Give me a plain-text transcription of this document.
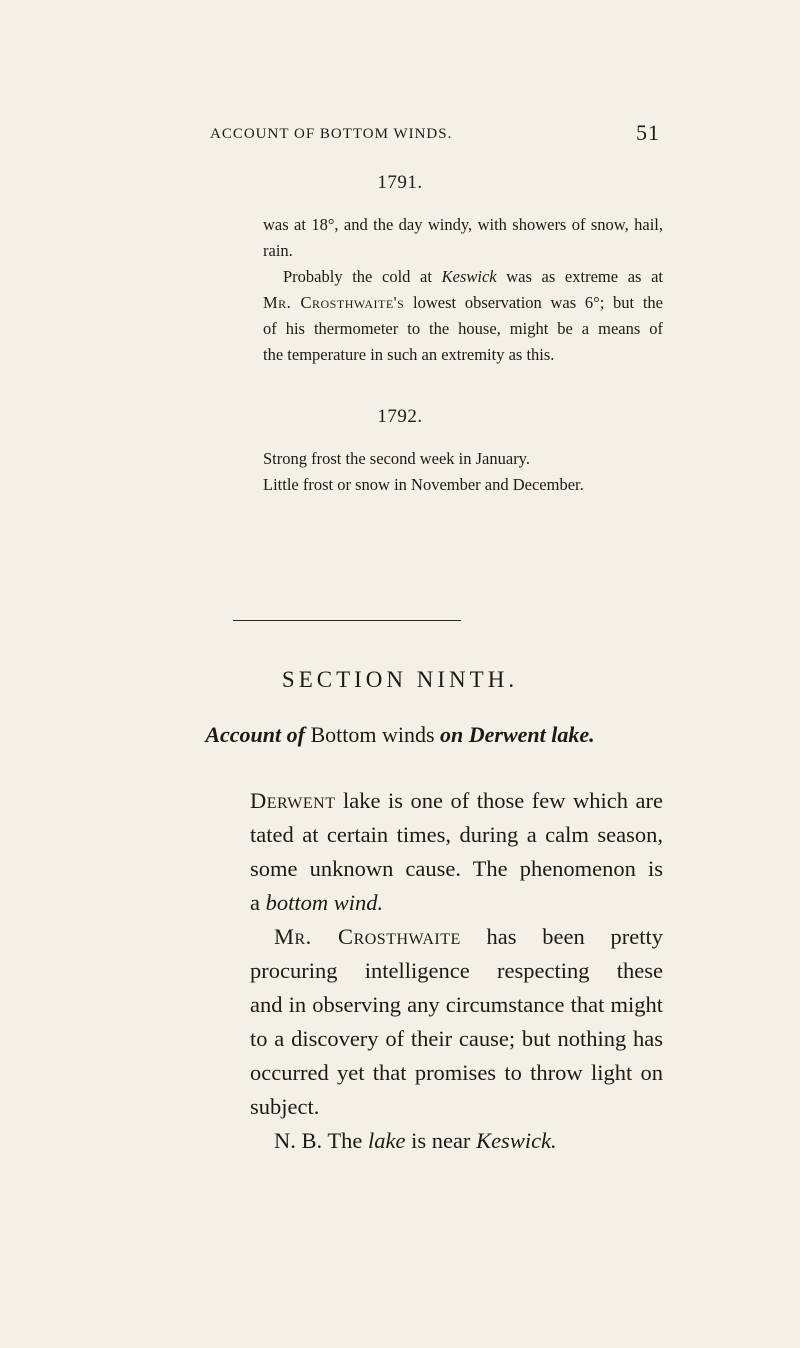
ACCOUNT OF BOTTOM WINDS.	51
1791.

was at 18°, and the day windy, with showers of snow, hail,
rain.

Probably the cold at Keswick was as extreme as at
Mr. Crosthwaite's lowest observation was 6°; but the
of his thermometer to the house, might be a means of
the temperature in such an extremity as this.

1792.

Strong frost the second week in January.
Little frost or snow in November and December.

SECTION NINTH.
Account of Bottom winds on Derwent lake.

Derwent lake is one of those few which are
tated at certain times, during a calm season,
some unknown cause. The phenomenon is
a bottom wind.

Mr. Crosthwaite has been pretty
procuring intelligence respecting these
and in observing any circumstance that might
to a discovery of their cause; but nothing has
occurred yet that promises to throw light on
subject.

N. B. The lake is near Keswick.
